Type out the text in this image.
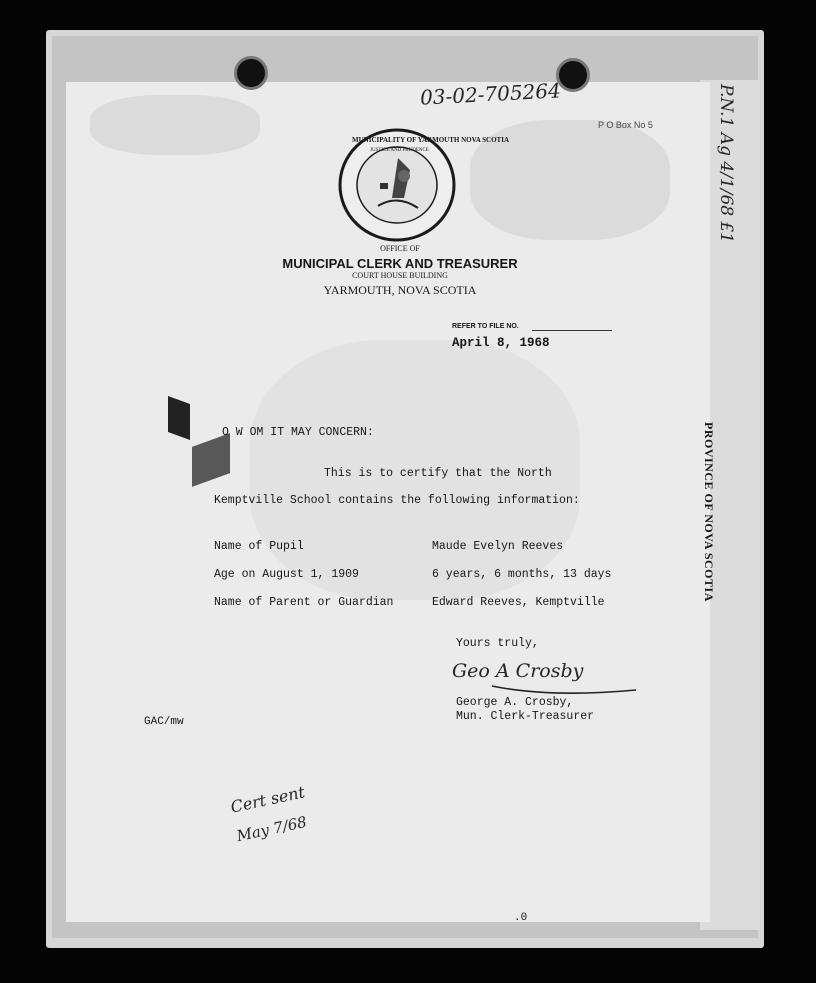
03-02-705264
P O Box No 5
MUNICIPALITY OF YARMOUTH NOVA SCOTIA
JUSTICE AND PRUDENCE
OFFICE OF
MUNICIPAL CLERK AND TREASURER
COURT HOUSE BUILDING
YARMOUTH, NOVA SCOTIA
REFER TO FILE NO.
April 8, 1968
O W OM IT MAY CONCERN:
This is to certify that the North
Kemptville School contains the following information:
Name of Pupil	Maude Evelyn Reeves
Age on August 1, 1909	6 years, 6 months, 13 days
Name of Parent or Guardian	Edward Reeves, Kemptville
Yours truly,
Geo A Crosby
George A. Crosby,
Mun. Clerk-Treasurer
GAC/mw
Cert sent
May 7/68
P.N.1 Ag 4/1/68 £1
PROVINCE OF NOVA SCOTIA
.0
